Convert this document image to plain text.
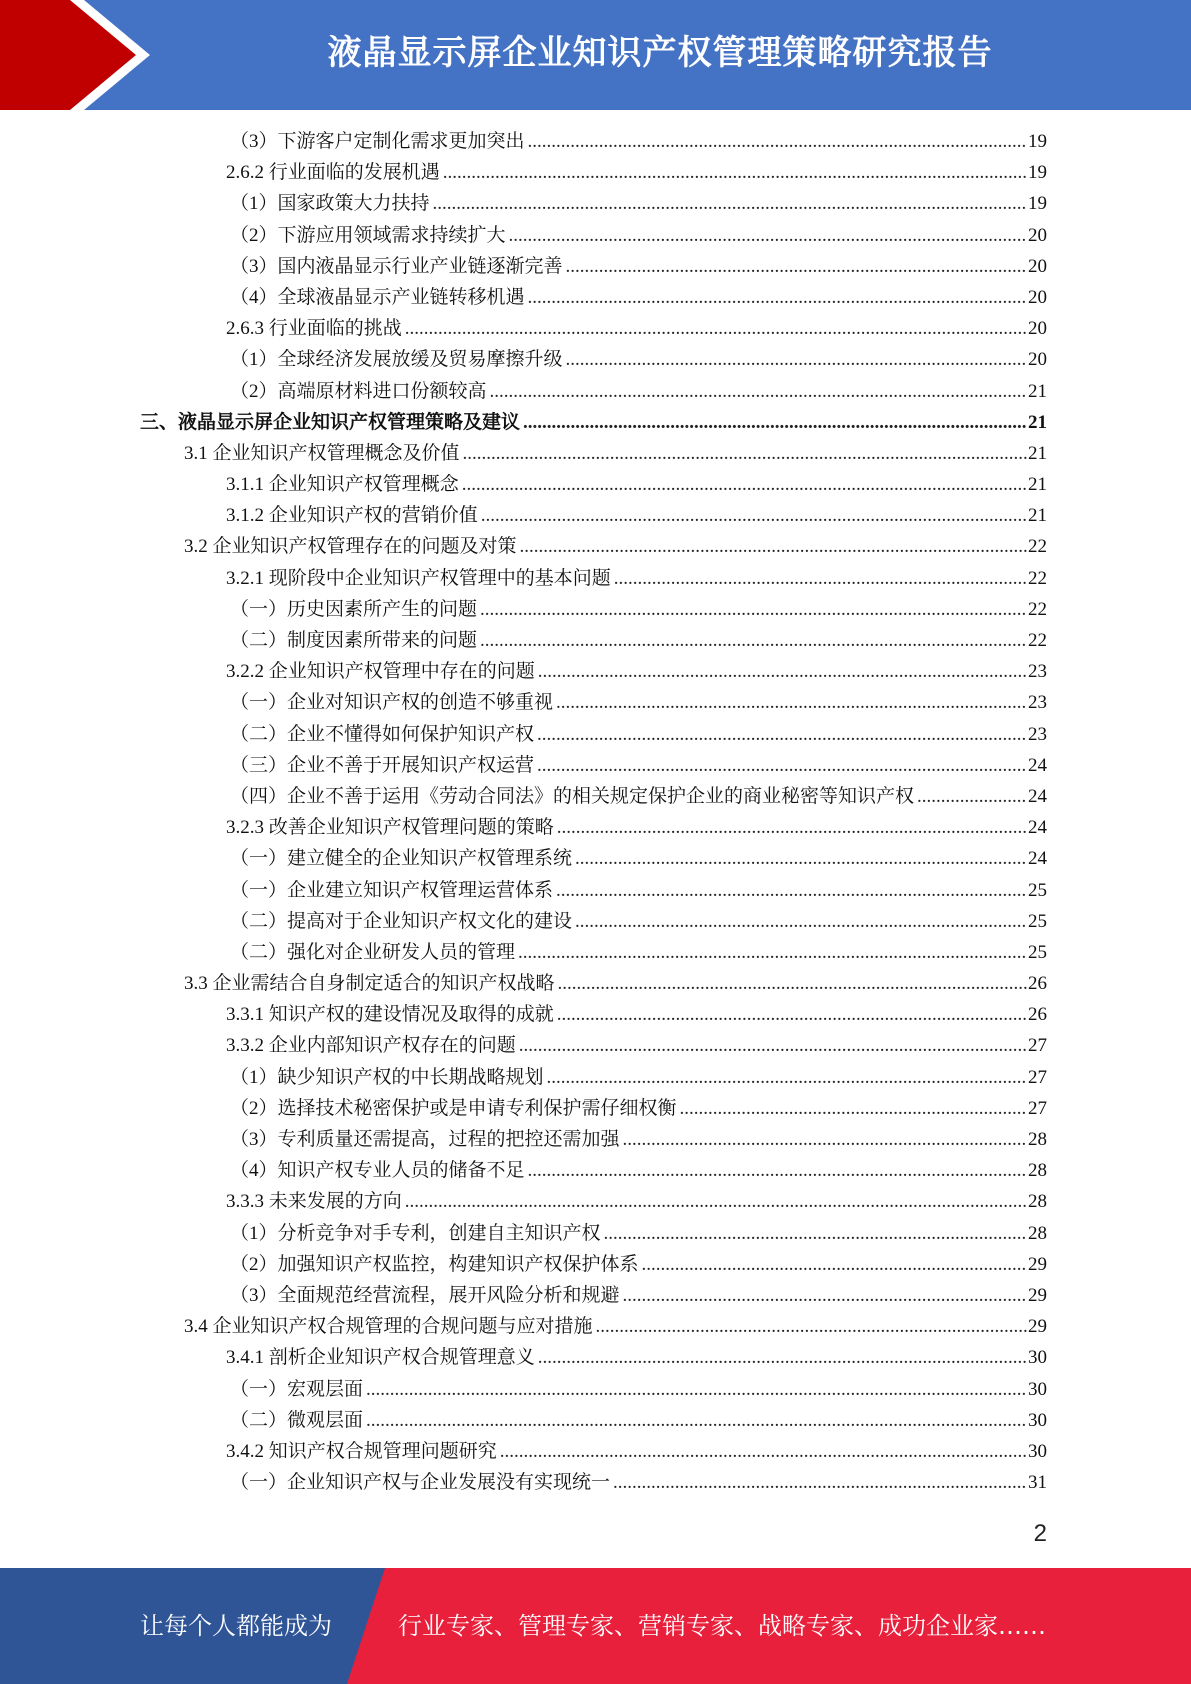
液晶显示屏企业知识产权管理策略研究报告
（3）下游客户定制化需求更加突出 .....	19
2.6.2 行业面临的发展机遇 .....	19
（1）国家政策大力扶持 .....	19
（2）下游应用领域需求持续扩大 .....	20
（3）国内液晶显示行业产业链逐渐完善 .....	20
（4）全球液晶显示产业链转移机遇 .....	20
2.6.3 行业面临的挑战 .....	20
（1）全球经济发展放缓及贸易摩擦升级 .....	20
（2）高端原材料进口份额较高 .....	21
三、液晶显示屏企业知识产权管理策略及建议 .....	21
3.1 企业知识产权管理概念及价值 .....	21
3.1.1 企业知识产权管理概念 .....	21
3.1.2 企业知识产权的营销价值 .....	21
3.2 企业知识产权管理存在的问题及对策 .....	22
3.2.1 现阶段中企业知识产权管理中的基本问题 .....	22
（一）历史因素所产生的问题 .....	22
（二）制度因素所带来的问题 .....	22
3.2.2 企业知识产权管理中存在的问题 .....	23
（一）企业对知识产权的创造不够重视 .....	23
（二）企业不懂得如何保护知识产权 .....	23
（三）企业不善于开展知识产权运营 .....	24
（四）企业不善于运用《劳动合同法》的相关规定保护企业的商业秘密等知识产权 .....	24
3.2.3 改善企业知识产权管理问题的策略 .....	24
（一）建立健全的企业知识产权管理系统 .....	24
（一）企业建立知识产权管理运营体系 .....	25
（二）提高对于企业知识产权文化的建设 .....	25
（二）强化对企业研发人员的管理 .....	25
3.3 企业需结合自身制定适合的知识产权战略 .....	26
3.3.1 知识产权的建设情况及取得的成就 .....	26
3.3.2 企业内部知识产权存在的问题 .....	27
（1）缺少知识产权的中长期战略规划 .....	27
（2）选择技术秘密保护或是申请专利保护需仔细权衡 .....	27
（3）专利质量还需提高，过程的把控还需加强 .....	28
（4）知识产权专业人员的储备不足 .....	28
3.3.3 未来发展的方向 .....	28
（1）分析竞争对手专利，创建自主知识产权 .....	28
（2）加强知识产权监控，构建知识产权保护体系 .....	29
（3）全面规范经营流程，展开风险分析和规避 .....	29
3.4 企业知识产权合规管理的合规问题与应对措施 .....	29
3.4.1 剖析企业知识产权合规管理意义 .....	30
（一）宏观层面 .....	30
（二）微观层面 .....	30
3.4.2 知识产权合规管理问题研究 .....	30
（一）企业知识产权与企业发展没有实现统一 .....	31
2
让每个人都能成为	行业专家、管理专家、营销专家、战略专家、成功企业家……
